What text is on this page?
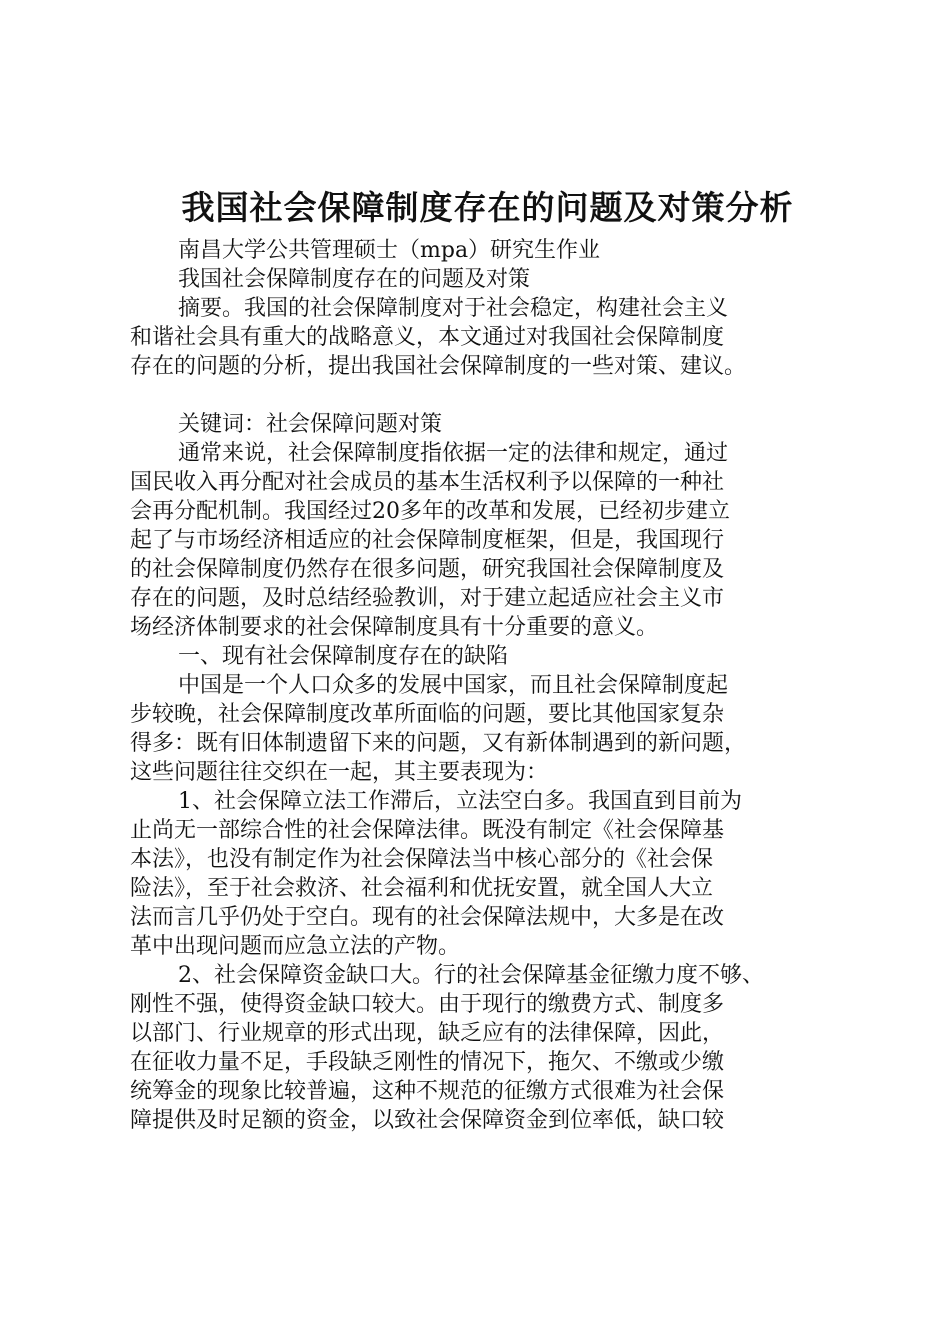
我国社会保障制度存在的问题及对策分析
南昌大学公共管理硕士（mpa）研究生作业
我国社会保障制度存在的问题及对策
摘要。我国的社会保障制度对于社会稳定，构建社会主义
和谐社会具有重大的战略意义，本文通过对我国社会保障制度
存在的问题的分析，提出我国社会保障制度的一些对策、建议。
关键词：社会保障问题对策
通常来说，社会保障制度指依据一定的法律和规定，通过
国民收入再分配对社会成员的基本生活权利予以保障的一种社
会再分配机制。我国经过20多年的改革和发展，已经初步建立
起了与市场经济相适应的社会保障制度框架，但是，我国现行
的社会保障制度仍然存在很多问题，研究我国社会保障制度及
存在的问题，及时总结经验教训，对于建立起适应社会主义市
场经济体制要求的社会保障制度具有十分重要的意义。
一、现有社会保障制度存在的缺陷
中国是一个人口众多的发展中国家，而且社会保障制度起
步较晚，社会保障制度改革所面临的问题，要比其他国家复杂
得多：既有旧体制遗留下来的问题，又有新体制遇到的新问题，
这些问题往往交织在一起，其主要表现为：
1、社会保障立法工作滞后，立法空白多。我国直到目前为
止尚无一部综合性的社会保障法律。既没有制定《社会保障基
本法》，也没有制定作为社会保障法当中核心部分的《社会保
险法》，至于社会救济、社会福利和优抚安置，就全国人大立
法而言几乎仍处于空白。现有的社会保障法规中，大多是在改
革中出现问题而应急立法的产物。
2、社会保障资金缺口大。行的社会保障基金征缴力度不够、
刚性不强，使得资金缺口较大。由于现行的缴费方式、制度多
以部门、行业规章的形式出现，缺乏应有的法律保障，因此，
在征收力量不足，手段缺乏刚性的情况下，拖欠、不缴或少缴
统筹金的现象比较普遍，这种不规范的征缴方式很难为社会保
障提供及时足额的资金，以致社会保障资金到位率低，缺口较
